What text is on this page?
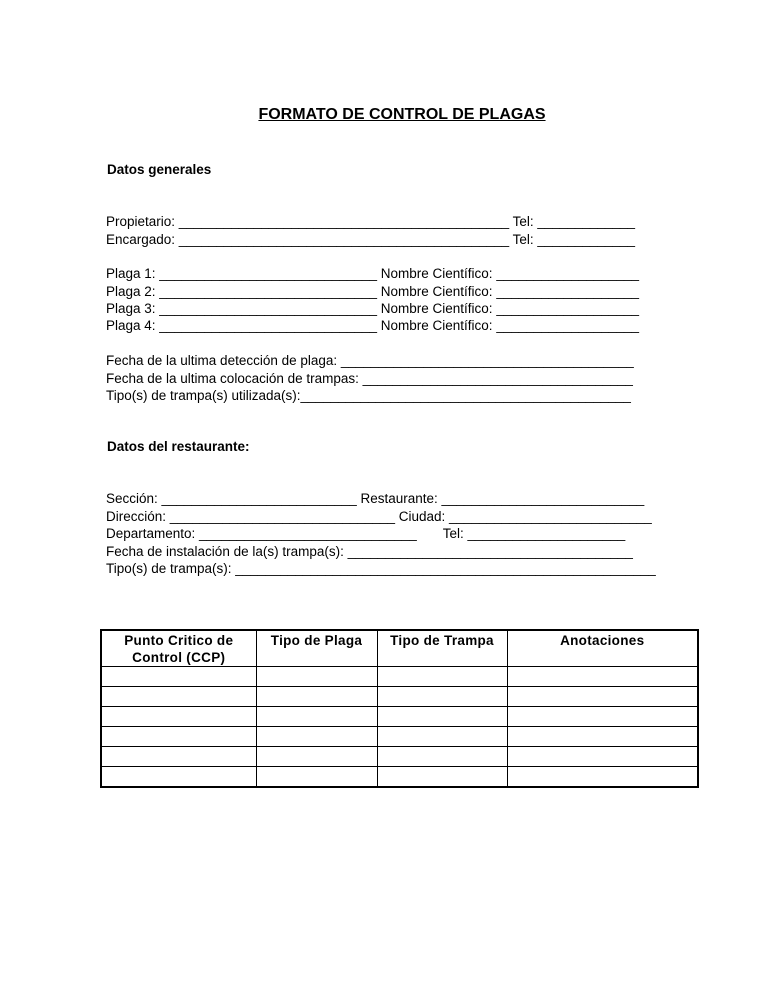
FORMATO DE CONTROL DE PLAGAS
Datos generales
Propietario: ____________________________________________ Tel: _____________
Encargado: ____________________________________________ Tel: _____________
Plaga 1: _____________________________ Nombre Científico: ___________________
Plaga 2: _____________________________ Nombre Científico: ___________________
Plaga 3: _____________________________ Nombre Científico: ___________________
Plaga 4: _____________________________ Nombre Científico: ___________________
Fecha de la ultima detección de plaga: _______________________________________
Fecha de la ultima colocación de trampas: ____________________________________
Tipo(s) de trampa(s) utilizada(s):____________________________________________
Datos del restaurante:
Sección: __________________________ Restaurante: ___________________________
Dirección: ______________________________ Ciudad: ___________________________
Departamento: _____________________________       Tel: _____________________
Fecha de instalación de la(s) trampa(s): ______________________________________
Tipo(s) de trampa(s): ________________________________________________________
Punto Critico de Control (CCP)	Tipo de Plaga	Tipo de Trampa	Anotaciones
